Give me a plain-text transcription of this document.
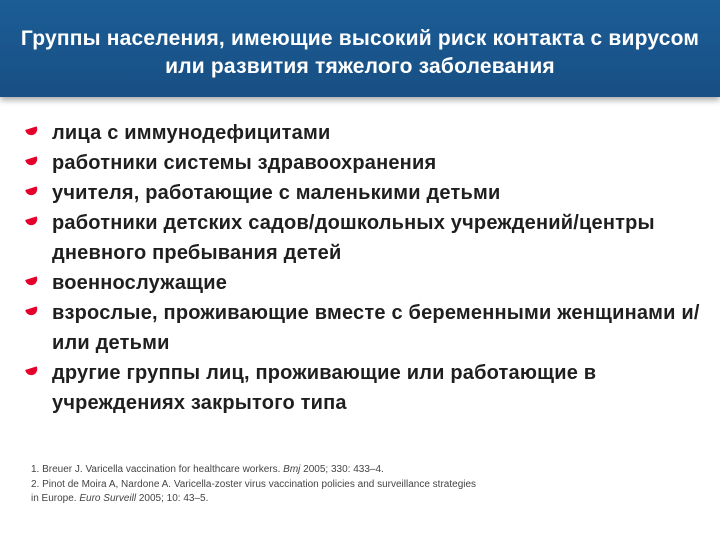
Группы населения, имеющие высокий риск контакта с вирусом или развития тяжелого заболевания
лица с иммунодефицитами
работники системы здравоохранения
учителя, работающие с маленькими детьми
работники детских садов/дошкольных учреждений/центры дневного пребывания детей
военнослужащие
взрослые, проживающие вместе с беременными женщинами и/или детьми
другие группы лиц, проживающие или работающие в учреждениях закрытого типа
1. Breuer J. Varicella vaccination for healthcare workers. Bmj 2005; 330: 433–4.
2. Pinot de Moira A, Nardone A. Varicella-zoster virus vaccination policies and surveillance strategies
in Europe. Euro Surveill 2005; 10: 43–5.
